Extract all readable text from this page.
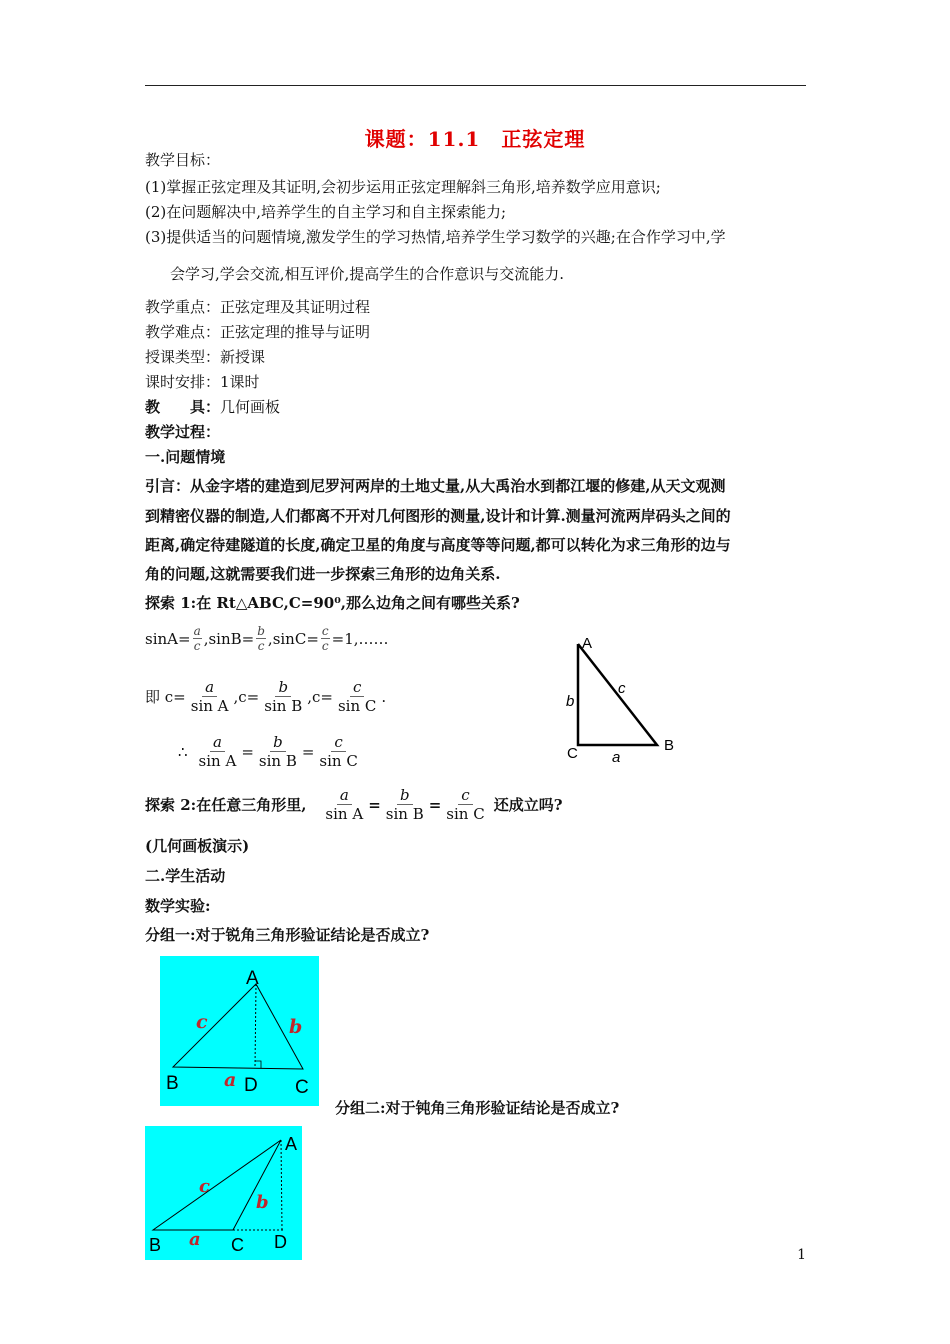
课题：11.1　正弦定理
教学目标：
(1)掌握正弦定理及其证明,会初步运用正弦定理解斜三角形,培养数学应用意识;
(2)在问题解决中,培养学生的自主学习和自主探索能力;
(3)提供适当的问题情境,激发学生的学习热情,培养学生学习数学的兴趣;在合作学习中,学
会学习,学会交流,相互评价,提高学生的合作意识与交流能力.
教学重点：正弦定理及其证明过程
教学难点：正弦定理的推导与证明
授课类型：新授课
课时安排：1课时
教　　具：几何画板
教学过程：
一.问题情境
引言：从金字塔的建造到尼罗河两岸的土地丈量,从大禹治水到都江堰的修建,从天文观测
到精密仪器的制造,人们都离不开对几何图形的测量,设计和计算.测量河流两岸码头之间的
距离,确定待建隧道的长度,确定卫星的角度与高度等等问题,都可以转化为求三角形的边与
角的问题,这就需要我们进一步探索三角形的边角关系.
探索 1:在 Rt△ABC,C=90⁰,那么边角之间有哪些关系?
$\sin A= \frac{a}{c} ,\sin B= \frac{b}{c} ,\sin C= \frac{c}{c}$ =1,……
即 $c= \frac{a}{\text{sin A}} ,c= \frac{b}{\text{sin B}} ,c= \frac{c}{\text{sin C}}$ .
∴ $\frac{a}{\text{sin A}} = \frac{b}{\text{sin B}} = \frac{c}{\text{sin C}}$
A
C	B
b
c
a
探索 2:在任意三角形里, $\frac{a}{\text{sin A}} = \frac{b}{\text{sin B}} = \frac{c}{\text{sin C}}$ 还成立吗?
(几何画板演示)
二.学生活动
数学实验:
分组一:对于锐角三角形验证结论是否成立?
A
B	D C
c	b
a
分组二:对于钝角三角形验证结论是否成立?
A
B	C D
c
b
a
1
